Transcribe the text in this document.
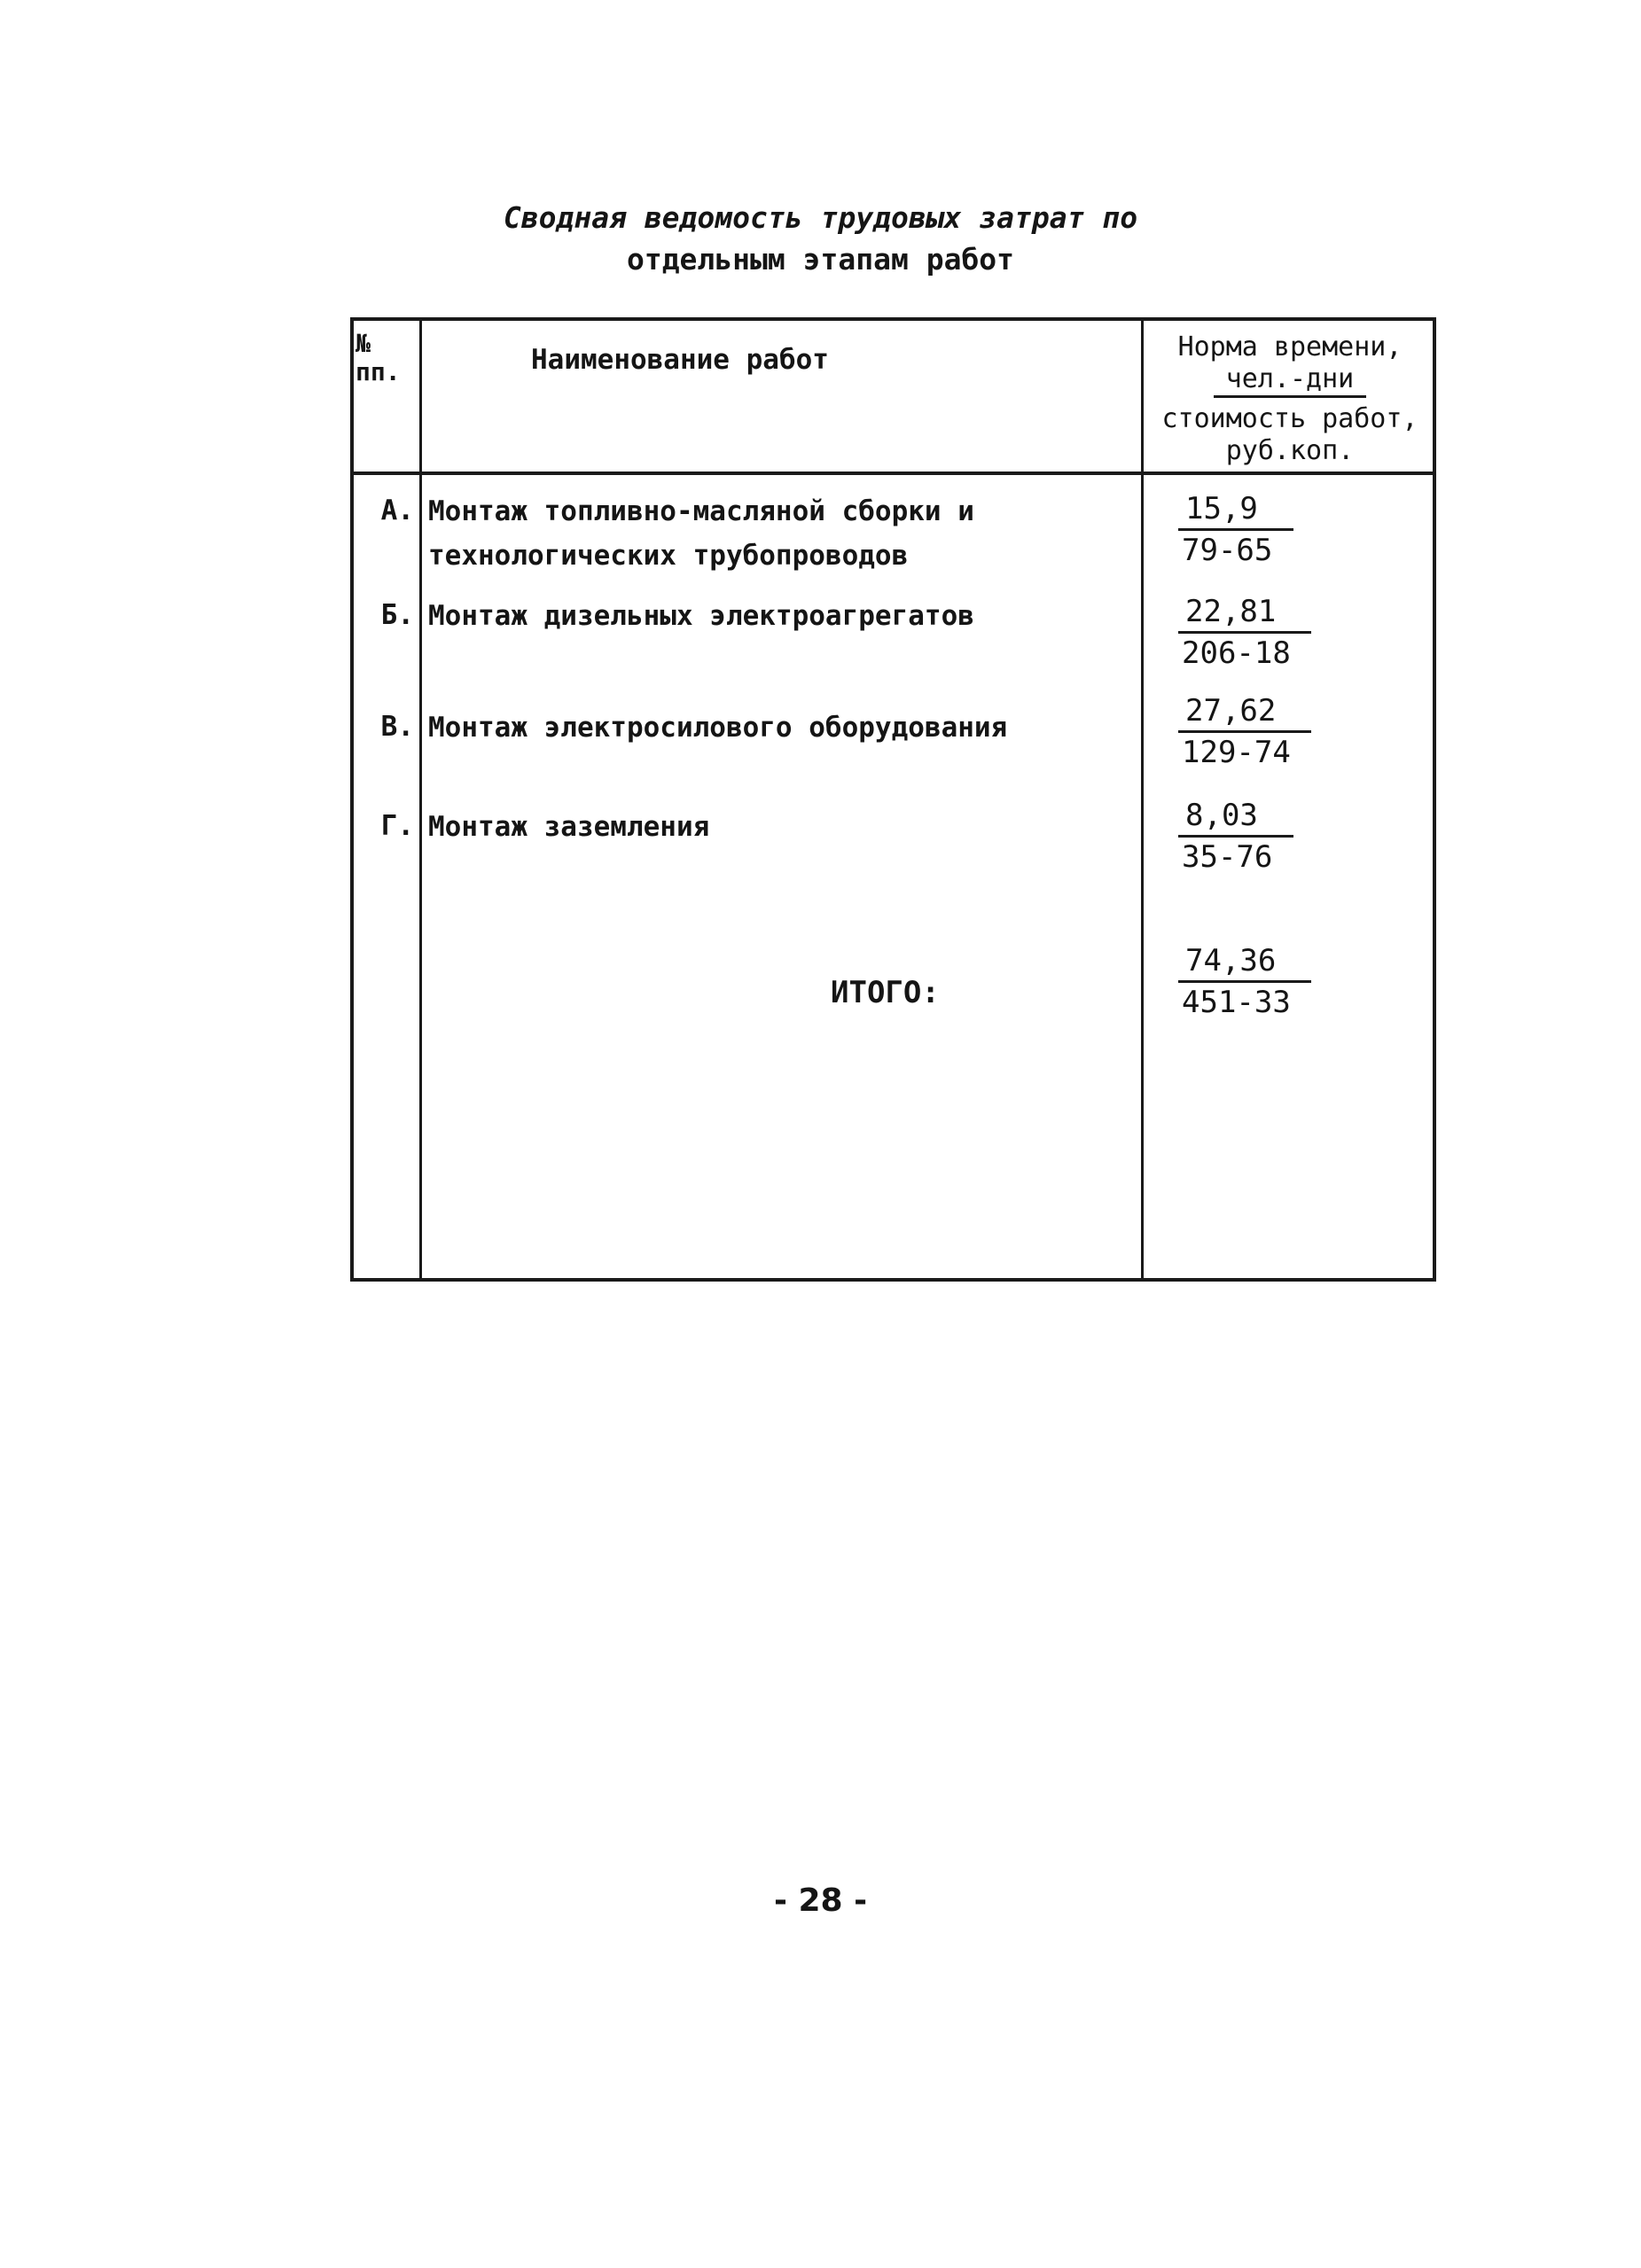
Сводная ведомость трудовых затрат по
отдельным этапам работ
№
пп.	Наименование работ	Норма времени,
чел.-дни
стоимость работ,
руб.коп.
А. Монтаж топливно-масляной сборки и
технологических трубопроводов	$\frac{15,9}{79-65}$
Б. Монтаж дизельных электроагрегатов	$\frac{22,81}{206-18}$
В. Монтаж электросилового оборудования	$\frac{27,62}{129-74}$
Г. Монтаж заземления	$\frac{8,03}{35-76}$
ИТОГО:	$\frac{74,36}{451-33}$
- 28 -
